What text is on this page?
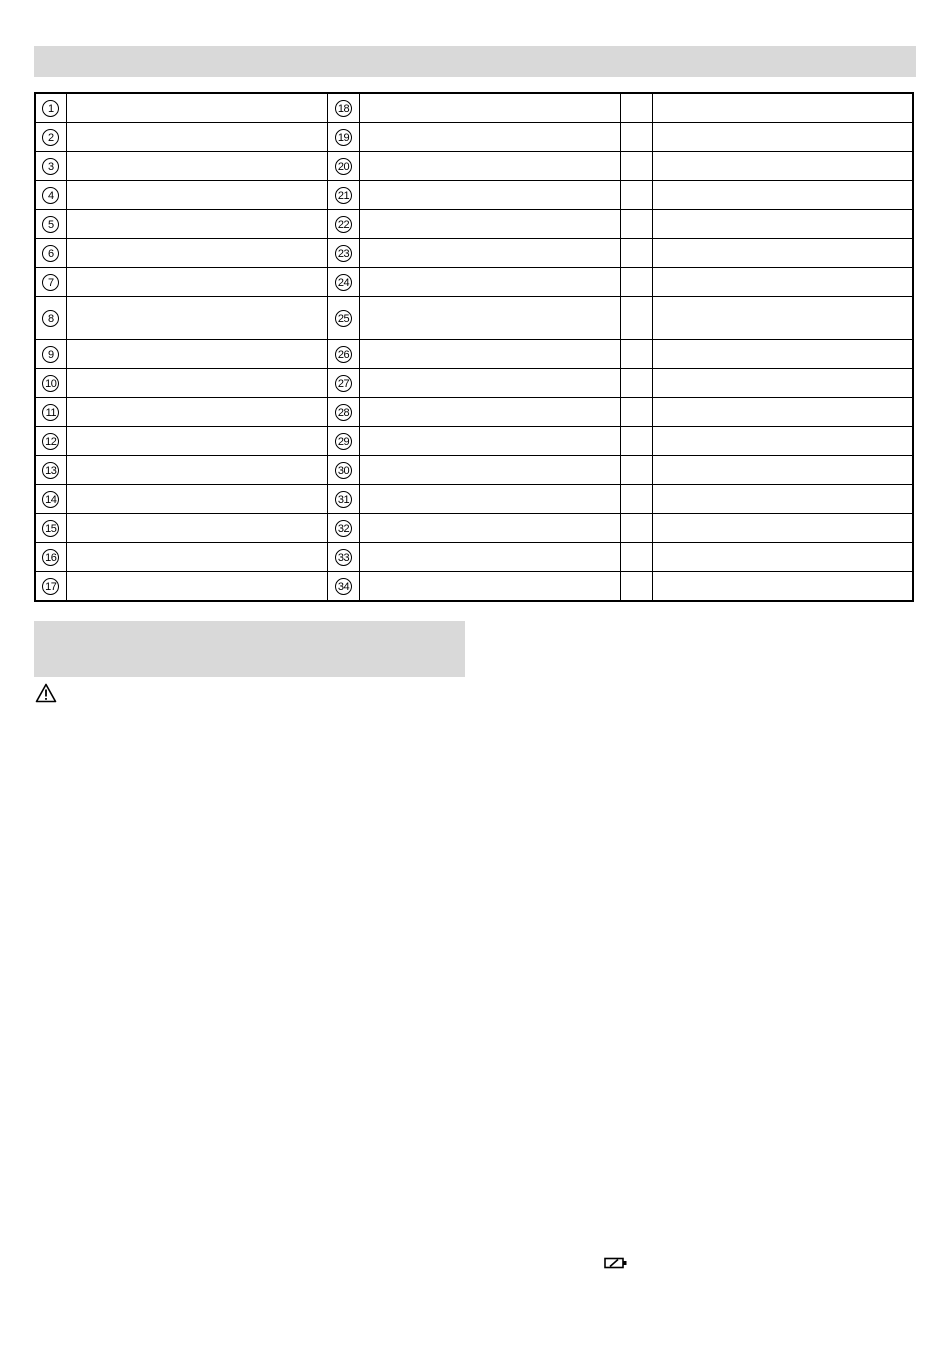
1		18			
2		19			
3		20			
4		21			
5		22			
6		23			
7		24			
8		25			
9		26			
10		27			
11		28			
12		29			
13		30			
14		31			
15		32			
16		33			
17		34			
